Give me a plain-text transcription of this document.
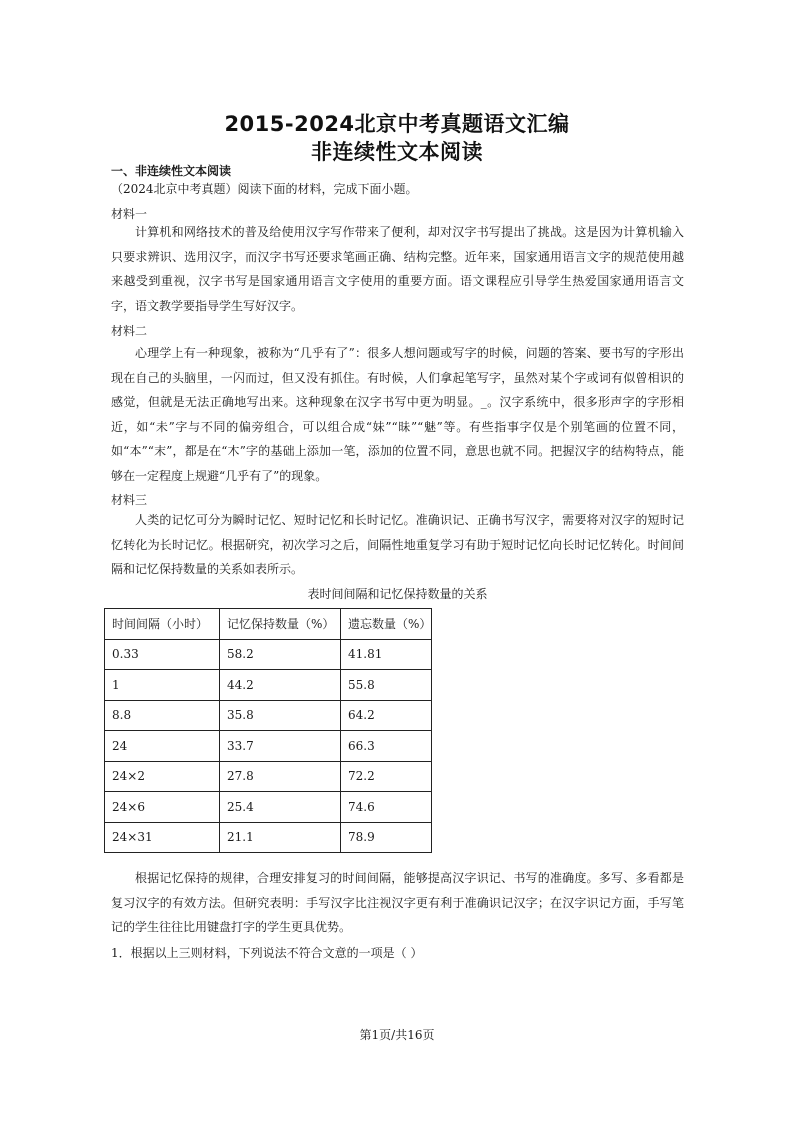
2015-2024北京中考真题语文汇编
非连续性文本阅读
一、非连续性文本阅读
（2024北京中考真题）阅读下面的材料，完成下面小题。
材料一

计算机和网络技术的普及给使用汉字写作带来了便利，却对汉字书写提出了挑战。这是因为计算机输入只要求辨识、选用汉字，而汉字书写还要求笔画正确、结构完整。近年来，国家通用语言文字的规范使用越来越受到重视，汉字书写是国家通用语言文字使用的重要方面。语文课程应引导学生热爱国家通用语言文字，语文教学要指导学生写好汉字。

材料二

心理学上有一种现象，被称为“几乎有了”：很多人想问题或写字的时候，问题的答案、要书写的字形出现在自己的头脑里，一闪而过，但又没有抓住。有时候，人们拿起笔写字，虽然对某个字或词有似曾相识的感觉，但就是无法正确地写出来。这种现象在汉字书写中更为明显。_。汉字系统中，很多形声字的字形相近，如“未”字与不同的偏旁组合，可以组合成“妹”“昧”“魅”等。有些指事字仅是个别笔画的位置不同，如“本”“末”，都是在“木”字的基础上添加一笔，添加的位置不同，意思也就不同。把握汉字的结构特点，能够在一定程度上规避“几乎有了”的现象。

材料三

人类的记忆可分为瞬时记忆、短时记忆和长时记忆。准确识记、正确书写汉字，需要将对汉字的短时记忆转化为长时记忆。根据研究，初次学习之后，间隔性地重复学习有助于短时记忆向长时记忆转化。时间间隔和记忆保持数量的关系如表所示。

表时间间隔和记忆保持数量的关系
时间间隔（小时）	记忆保持数量（%）	遗忘数量（%）
0.33	58.2	41.81
1	44.2	55.8
8.8	35.8	64.2
24	33.7	66.3
24×2	27.8	72.2
24×6	25.4	74.6
24×31	21.1	78.9

根据记忆保持的规律，合理安排复习的时间间隔，能够提高汉字识记、书写的准确度。多写、多看都是复习汉字的有效方法。但研究表明：手写汉字比注视汉字更有利于准确识记汉字；在汉字识记方面，手写笔记的学生往往比用键盘打字的学生更具优势。

1．根据以上三则材料，下列说法不符合文意的一项是（ ）
第1页/共16页
